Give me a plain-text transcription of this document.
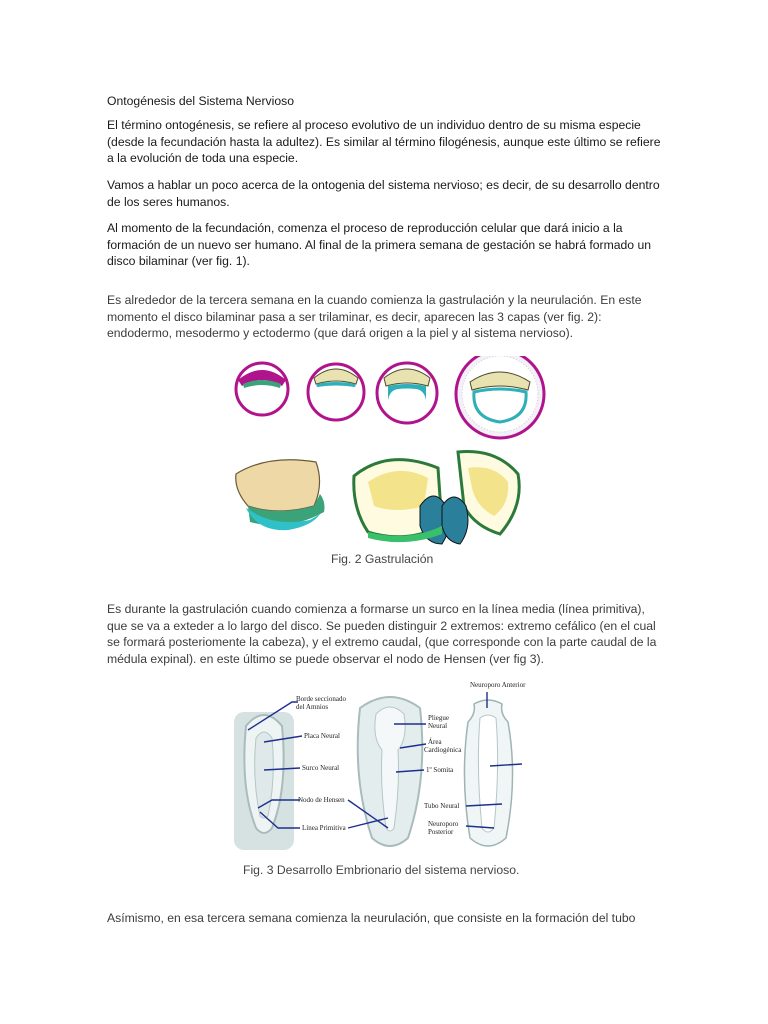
Ontogénesis del Sistema Nervioso

El término ontogénesis, se refiere al proceso evolutivo de un individuo dentro de su misma especie (desde la fecundación hasta la adultez). Es similar al término filogénesis, aunque este último se refiere a la evolución de toda una especie.

Vamos a hablar un poco acerca de la ontogenia del sistema nervioso; es decir, de su desarrollo dentro de los seres humanos.

Al momento de la fecundación, comenza el proceso de reproducción celular que dará inicio a la formación de un nuevo ser humano. Al final de la primera semana de gestación se habrá formado un disco bilaminar (ver fig. 1).

Es alrededor de la tercera semana en la cuando comienza la gastrulación y la neurulación. En este momento el disco bilaminar pasa a ser trilaminar, es decir, aparecen las 3 capas (ver fig. 2): endodermo, mesodermo y ectodermo (que dará origen a la piel y al sistema nervioso).

Fig. 2 Gastrulación

Es durante la gastrulación cuando comienza a formarse un surco en la línea media (línea primitiva), que se va a exteder a lo largo del disco. Se pueden distinguir 2 extremos: extremo cefálico (en el cual se formará posteriomente la cabeza), y el extremo caudal, (que corresponde con la parte caudal de la médula expinal). en este último se puede observar el nodo de Hensen (ver fig 3).

Borde seccionado
del Amnios
Placa Neural
Surco Neural
Nodo de Hensen
Línea Primitiva
Neuroporo Anterior
Pliegue
Neural
Área
Cardiogénica
1º Somita
Tubo Neural
Neuroporo
Posterior

Fig. 3 Desarrollo Embrionario del sistema nervioso.

Asímismo, en esa tercera semana comienza la neurulación, que consiste en la formación del tubo
